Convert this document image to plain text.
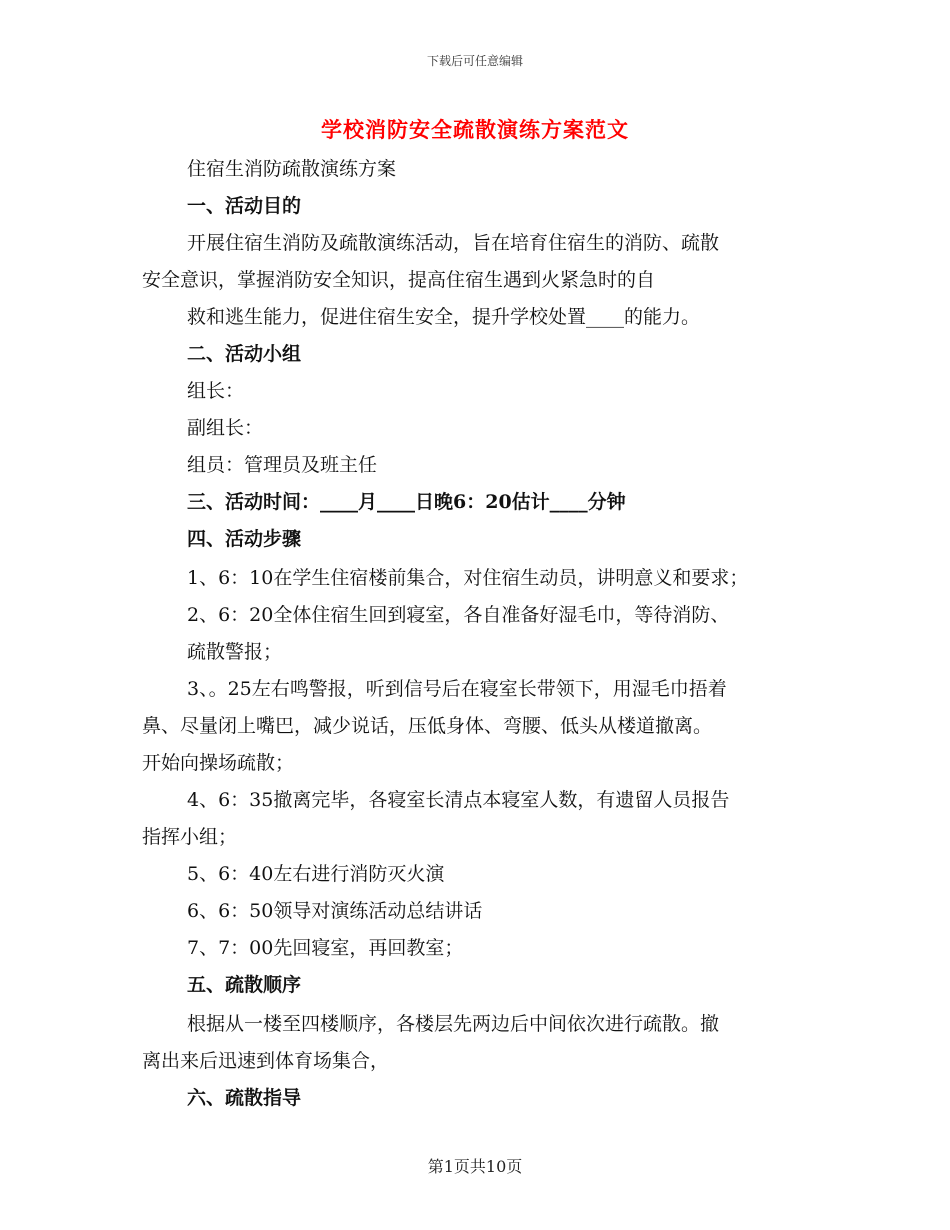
下载后可任意编辑
学校消防安全疏散演练方案范文
住宿生消防疏散演练方案
一、活动目的
开展住宿生消防及疏散演练活动，旨在培育住宿生的消防、疏散
安全意识，掌握消防安全知识，提高住宿生遇到火紧急时的自
救和逃生能力，促进住宿生安全，提升学校处置____的能力。
二、活动小组
组长：
副组长：
组员：管理员及班主任
三、活动时间：____月____日晚6：20估计____分钟
四、活动步骤
1、6：10在学生住宿楼前集合，对住宿生动员，讲明意义和要求；
2、6：20全体住宿生回到寝室，各自准备好湿毛巾，等待消防、
疏散警报；
3、。25左右鸣警报，听到信号后在寝室长带领下，用湿毛巾捂着
鼻、尽量闭上嘴巴，减少说话，压低身体、弯腰、低头从楼道撤离。
开始向操场疏散；
4、6：35撤离完毕，各寝室长清点本寝室人数，有遗留人员报告
指挥小组；
5、6：40左右进行消防灭火演
6、6：50领导对演练活动总结讲话
7、7：00先回寝室，再回教室；
五、疏散顺序
根据从一楼至四楼顺序，各楼层先两边后中间依次进行疏散。撤
离出来后迅速到体育场集合，
六、疏散指导
第1页共10页
